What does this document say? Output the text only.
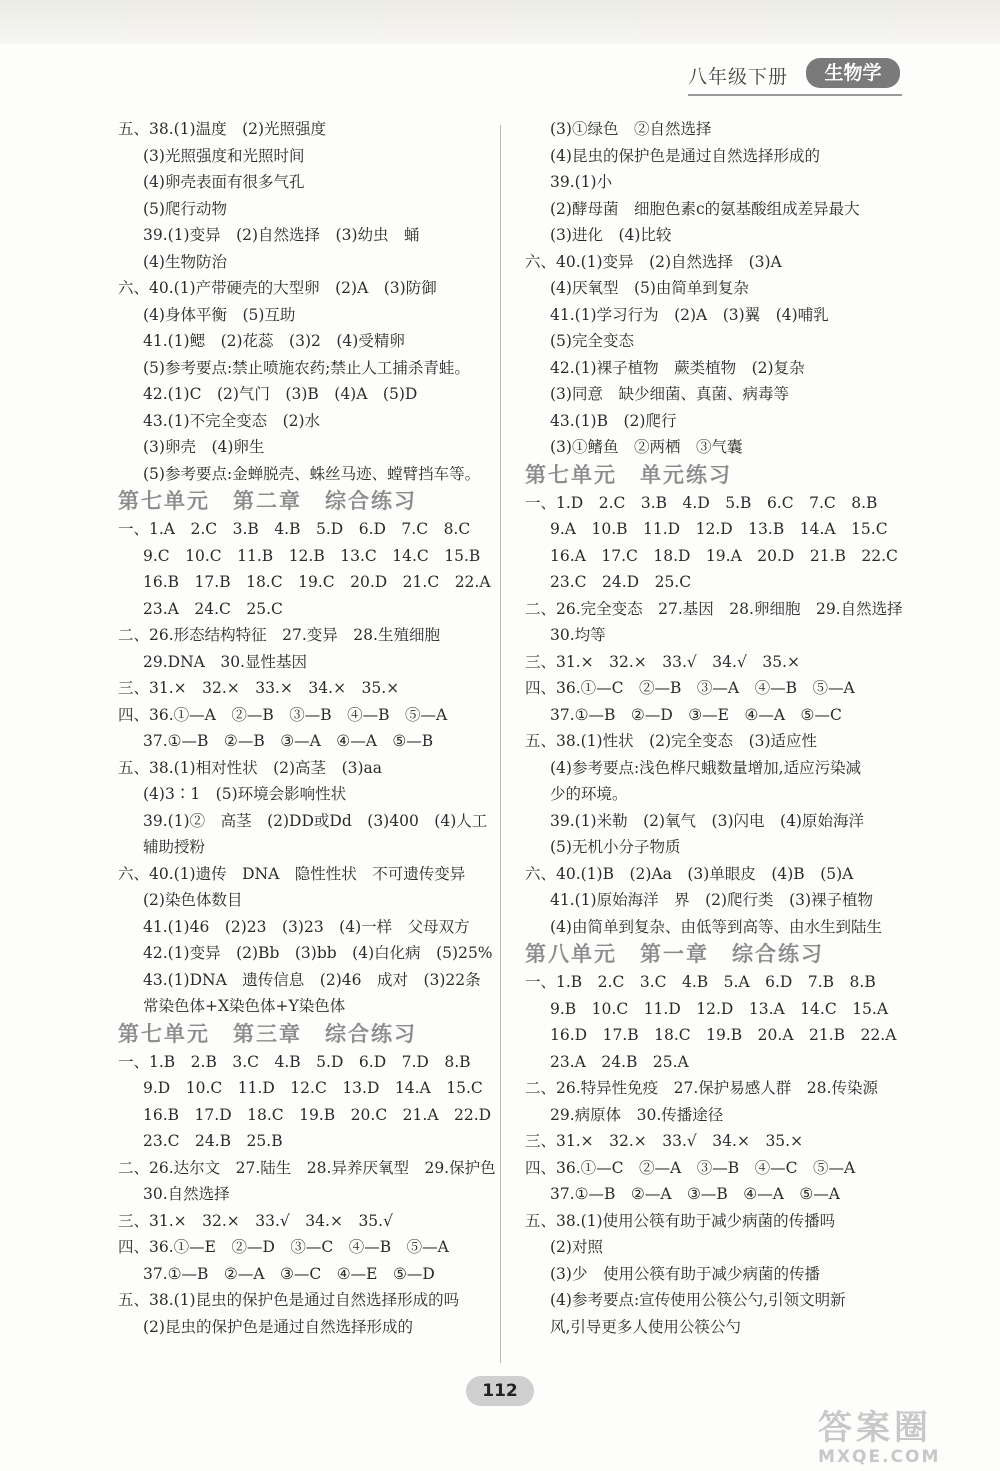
八年级下册	生物学
五、38.(1)温度　(2)光照强度
(3)光照强度和光照时间
(4)卵壳表面有很多气孔
(5)爬行动物
39.(1)变异　(2)自然选择　(3)幼虫　蛹
(4)生物防治
六、40.(1)产带硬壳的大型卵　(2)A　(3)防御
(4)身体平衡　(5)互助
41.(1)鳃　(2)花蕊　(3)2　(4)受精卵
(5)参考要点:禁止喷施农药;禁止人工捕杀青蛙。
42.(1)C　(2)气门　(3)B　(4)A　(5)D
43.(1)不完全变态　(2)水
(3)卵壳　(4)卵生
(5)参考要点:金蝉脱壳、蛛丝马迹、螳臂挡车等。
第七单元　第二章　综合练习
一、1.A　2.C　3.B　4.B　5.D　6.D　7.C　8.C
9.C　10.C　11.B　12.B　13.C　14.C　15.B
16.B　17.B　18.C　19.C　20.D　21.C　22.A
23.A　24.C　25.C
二、26.形态结构特征　27.变异　28.生殖细胞
29.DNA　30.显性基因
三、31.×　32.×　33.×　34.×　35.×
四、36.①—A　②—B　③—B　④—B　⑤—A
37.①—B　②—B　③—A　④—A　⑤—B
五、38.(1)相对性状　(2)高茎　(3)aa
(4)3∶1　(5)环境会影响性状
39.(1)②　高茎　(2)DD或Dd　(3)400　(4)人工
辅助授粉
六、40.(1)遗传　DNA　隐性性状　不可遗传变异
(2)染色体数目
41.(1)46　(2)23　(3)23　(4)一样　父母双方
42.(1)变异　(2)Bb　(3)bb　(4)白化病　(5)25%
43.(1)DNA　遗传信息　(2)46　成对　(3)22条
常染色体+X染色体+Y染色体
第七单元　第三章　综合练习
一、1.B　2.B　3.C　4.B　5.D　6.D　7.D　8.B
9.D　10.C　11.D　12.C　13.D　14.A　15.C
16.B　17.D　18.C　19.B　20.C　21.A　22.D
23.C　24.B　25.B
二、26.达尔文　27.陆生　28.异养厌氧型　29.保护色
30.自然选择
三、31.×　32.×　33.√　34.×　35.√
四、36.①—E　②—D　③—C　④—B　⑤—A
37.①—B　②—A　③—C　④—E　⑤—D
五、38.(1)昆虫的保护色是通过自然选择形成的吗
(2)昆虫的保护色是通过自然选择形成的
(3)①绿色　②自然选择
(4)昆虫的保护色是通过自然选择形成的
39.(1)小
(2)酵母菌　细胞色素c的氨基酸组成差异最大
(3)进化　(4)比较
六、40.(1)变异　(2)自然选择　(3)A
(4)厌氧型　(5)由简单到复杂
41.(1)学习行为　(2)A　(3)翼　(4)哺乳
(5)完全变态
42.(1)裸子植物　蕨类植物　(2)复杂
(3)同意　缺少细菌、真菌、病毒等
43.(1)B　(2)爬行
(3)①鳍鱼　②两栖　③气囊
第七单元　单元练习
一、1.D　2.C　3.B　4.D　5.B　6.C　7.C　8.B
9.A　10.B　11.D　12.D　13.B　14.A　15.C
16.A　17.C　18.D　19.A　20.D　21.B　22.C
23.C　24.D　25.C
二、26.完全变态　27.基因　28.卵细胞　29.自然选择
30.均等
三、31.×　32.×　33.√　34.√　35.×
四、36.①—C　②—B　③—A　④—B　⑤—A
37.①—B　②—D　③—E　④—A　⑤—C
五、38.(1)性状　(2)完全变态　(3)适应性
(4)参考要点:浅色桦尺蛾数量增加,适应污染减
少的环境。
39.(1)米勒　(2)氧气　(3)闪电　(4)原始海洋
(5)无机小分子物质
六、40.(1)B　(2)Aa　(3)单眼皮　(4)B　(5)A
41.(1)原始海洋　界　(2)爬行类　(3)裸子植物
(4)由简单到复杂、由低等到高等、由水生到陆生
第八单元　第一章　综合练习
一、1.B　2.C　3.C　4.B　5.A　6.D　7.B　8.B
9.B　10.C　11.D　12.D　13.A　14.C　15.A
16.D　17.B　18.C　19.B　20.A　21.B　22.A
23.A　24.B　25.A
二、26.特异性免疫　27.保护易感人群　28.传染源
29.病原体　30.传播途径
三、31.×　32.×　33.√　34.×　35.×
四、36.①—C　②—A　③—B　④—C　⑤—A
37.①—B　②—A　③—B　④—A　⑤—A
五、38.(1)使用公筷有助于减少病菌的传播吗
(2)对照
(3)少　使用公筷有助于减少病菌的传播
(4)参考要点:宣传使用公筷公勺,引领文明新
风,引导更多人使用公筷公勺
112
答案圈
MXQE.COM
